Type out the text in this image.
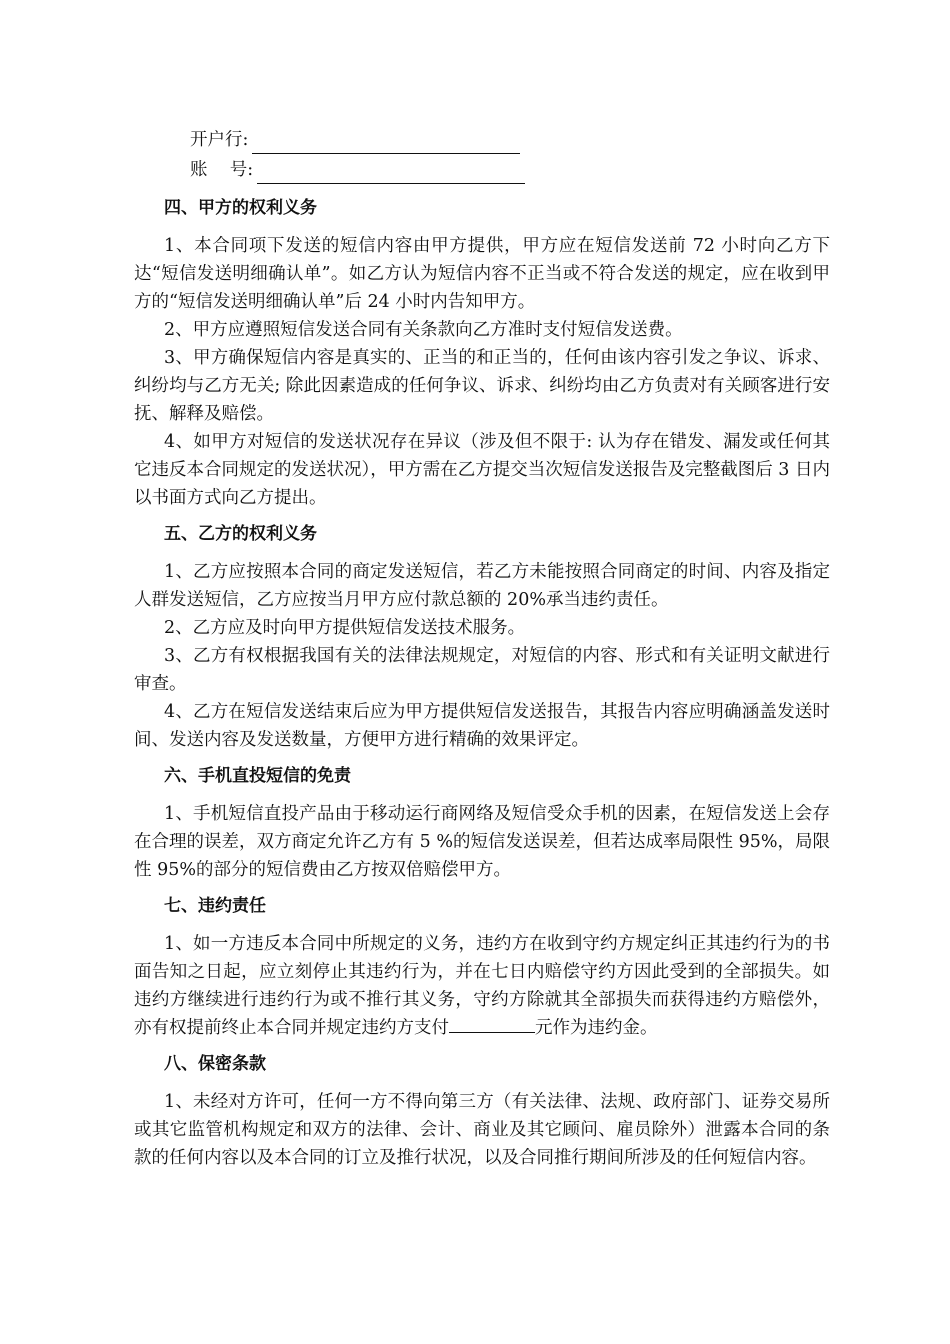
开户行:
账    号:
四、甲方的权利义务

1、本合同项下发送的短信内容由甲方提供，甲方应在短信发送前 72 小时向乙方下达“短信发送明细确认单”。如乙方认为短信内容不正当或不符合发送的规定，应在收到甲方的“短信发送明细确认单”后 24 小时内告知甲方。

2、甲方应遵照短信发送合同有关条款向乙方准时支付短信发送费。

3、甲方确保短信内容是真实的、正当的和正当的，任何由该内容引发之争议、诉求、纠纷均与乙方无关; 除此因素造成的任何争议、诉求、纠纷均由乙方负责对有关顾客进行安抚、解释及赔偿。

4、如甲方对短信的发送状况存在异议（涉及但不限于: 认为存在错发、漏发或任何其它违反本合同规定的发送状况），甲方需在乙方提交当次短信发送报告及完整截图后 3 日内以书面方式向乙方提出。

五、乙方的权利义务

1、乙方应按照本合同的商定发送短信，若乙方未能按照合同商定的时间、内容及指定人群发送短信，乙方应按当月甲方应付款总额的 20%承当违约责任。

2、乙方应及时向甲方提供短信发送技术服务。

3、乙方有权根据我国有关的法律法规规定，对短信的内容、形式和有关证明文献进行审查。

4、乙方在短信发送结束后应为甲方提供短信发送报告，其报告内容应明确涵盖发送时间、发送内容及发送数量，方便甲方进行精确的效果评定。

六、手机直投短信的免责

1、手机短信直投产品由于移动运行商网络及短信受众手机的因素，在短信发送上会存在合理的误差，双方商定允许乙方有 5 %的短信发送误差，但若达成率局限性 95%，局限性 95%的部分的短信费由乙方按双倍赔偿甲方。

七、违约责任

1、如一方违反本合同中所规定的义务，违约方在收到守约方规定纠正其违约行为的书面告知之日起，应立刻停止其违约行为，并在七日内赔偿守约方因此受到的全部损失。如违约方继续进行违约行为或不推行其义务，守约方除就其全部损失而获得违约方赔偿外，亦有权提前终止本合同并规定违约方支付	元作为违约金。

八、保密条款

1、未经对方许可，任何一方不得向第三方（有关法律、法规、政府部门、证券交易所或其它监管机构规定和双方的法律、会计、商业及其它顾问、雇员除外）泄露本合同的条款的任何内容以及本合同的订立及推行状况，以及合同推行期间所涉及的任何短信内容。
